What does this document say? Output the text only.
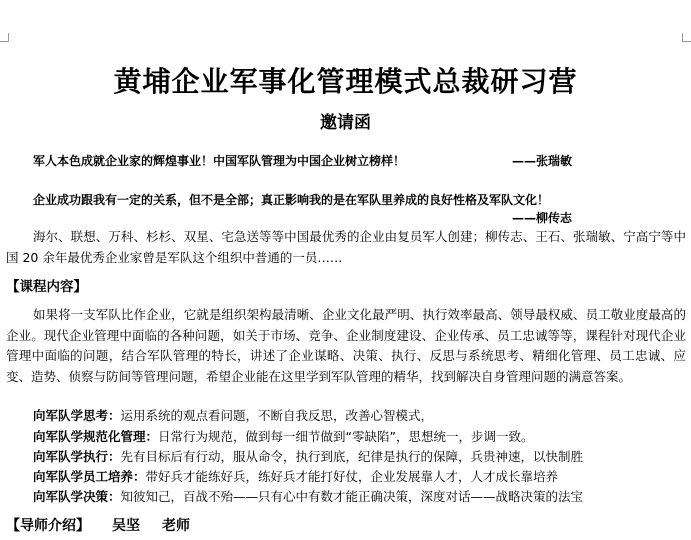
黄埔企业军事化管理模式总裁研习营
邀请函
军人本色成就企业家的辉煌事业！中国军队管理为中国企业树立榜样！	——张瑞敏
企业成功跟我有一定的关系，但不是全部；真正影响我的是在军队里养成的良好性格及军队文化！
——柳传志

海尔、联想、万科、杉杉、双星、宅急送等等中国最优秀的企业由复员军人创建；柳传志、王石、张瑞敏、宁高宁等中国 20 余年最优秀企业家曾是军队这个组织中普通的一员……

【课程内容】

如果将一支军队比作企业，它就是组织架构最清晰、企业文化最严明、执行效率最高、领导最权威、员工敬业度最高的企业。现代企业管理中面临的各种问题，如关于市场、竞争、企业制度建设、企业传承、员工忠诚等等，课程针对现代企业管理中面临的问题，结合军队管理的特长，讲述了企业谋略、决策、执行、反思与系统思考、精细化管理、员工忠诚、应变、造势、侦察与防间等管理问题，希望企业能在这里学到军队管理的精华，找到解决自身管理问题的满意答案。

向军队学思考：运用系统的观点看问题，不断自我反思，改善心智模式，
向军队学规范化管理：日常行为规范，做到每一细节做到“零缺陷”，思想统一，步调一致。
向军队学执行：先有目标后有行动，服从命令，执行到底，纪律是执行的保障，兵贵神速，以快制胜
向军队学员工培养：带好兵才能练好兵，练好兵才能打好仗，企业发展靠人才，人才成长靠培养
向军队学决策：知彼知己，百战不殆——只有心中有数才能正确决策，深度对话——战略决策的法宝
【导师介绍】 吴坚 老师
